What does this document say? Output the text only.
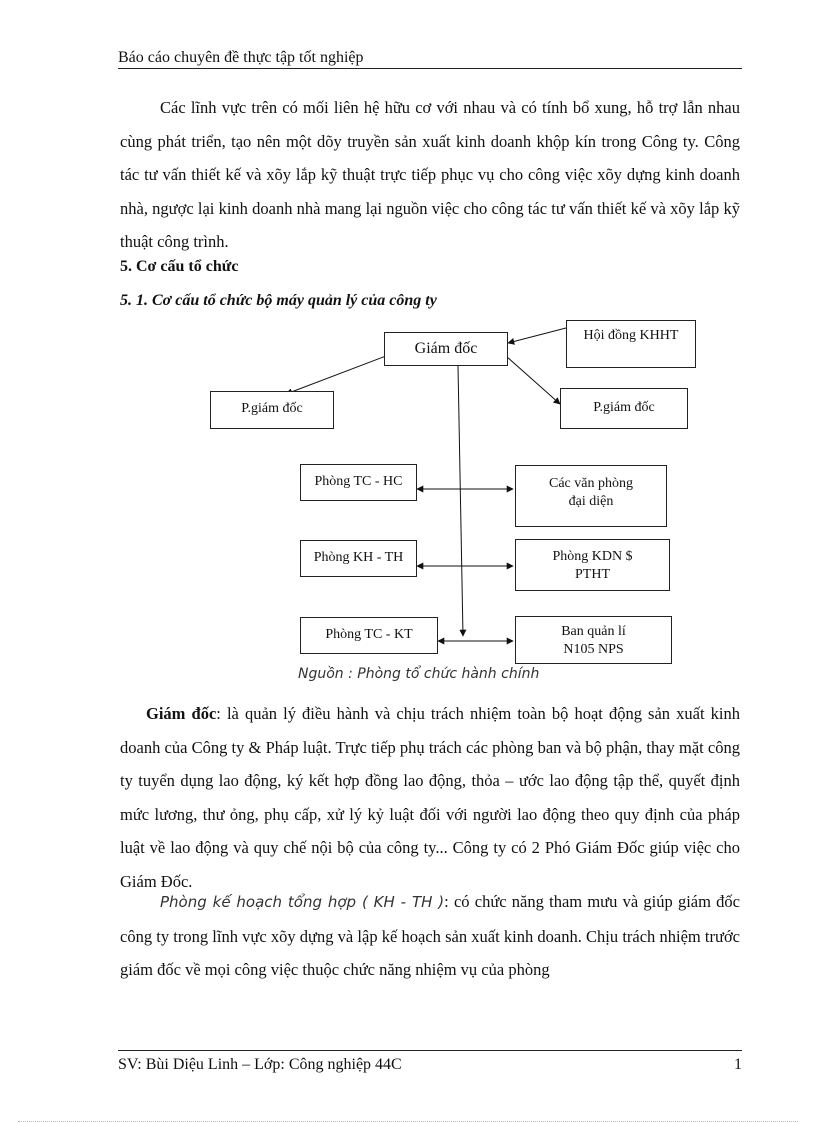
Báo cáo chuyên đề thực tập tốt nghiệp

Các lĩnh vực trên có mối liên hệ hữu cơ với nhau và có tính bổ xung, hỗ trợ lẫn nhau cùng phát triển, tạo nên một dõy truyền sản xuất kinh doanh khộp kín trong Công ty. Công tác tư vấn thiết kế và xõy lắp kỹ thuật trực tiếp phục vụ cho công việc xõy dựng kinh doanh nhà, ngược lại kinh doanh nhà mang lại nguồn việc cho công tác tư vấn thiết kế và xõy lắp kỹ thuật công trình.

5. Cơ cấu tổ chức
5. 1. Cơ cấu tổ chức bộ máy quản lý của công ty
Giám đốc
Hội đồng KHHT
P.giám đốc	P.giám đốc
Phòng TC - HC	Các văn phòng đại diện
Phòng KH - TH	Phòng KDN $ PTHT
Phòng TC - KT	Ban quản lí N105 NPS
Nguồn : Phòng tổ chức hành chính

Giám đốc: là quản lý điều hành và chịu trách nhiệm toàn bộ hoạt động sản xuất kinh doanh của Công ty & Pháp luật. Trực tiếp phụ trách các phòng ban và bộ phận, thay mặt công ty tuyển dụng lao động, ký kết hợp đồng lao động, thỏa – ước lao động tập thể, quyết định mức lương, thư ỏng, phụ cấp, xử lý kỷ luật đối với người lao động theo quy định của pháp luật về lao động và quy chế nội bộ của công ty... Công ty có 2 Phó Giám Đốc giúp việc cho Giám Đốc.

Phòng kế hoạch tổng hợp ( KH - TH ): có chức năng tham mưu và giúp giám đốc công ty trong lĩnh vực xõy dựng và lập kế hoạch sản xuất kinh doanh. Chịu trách nhiệm trước giám đốc về mọi công việc thuộc chức năng nhiệm vụ của phòng

SV: Bùi Diệu Linh – Lớp: Công nghiệp 44C	1
